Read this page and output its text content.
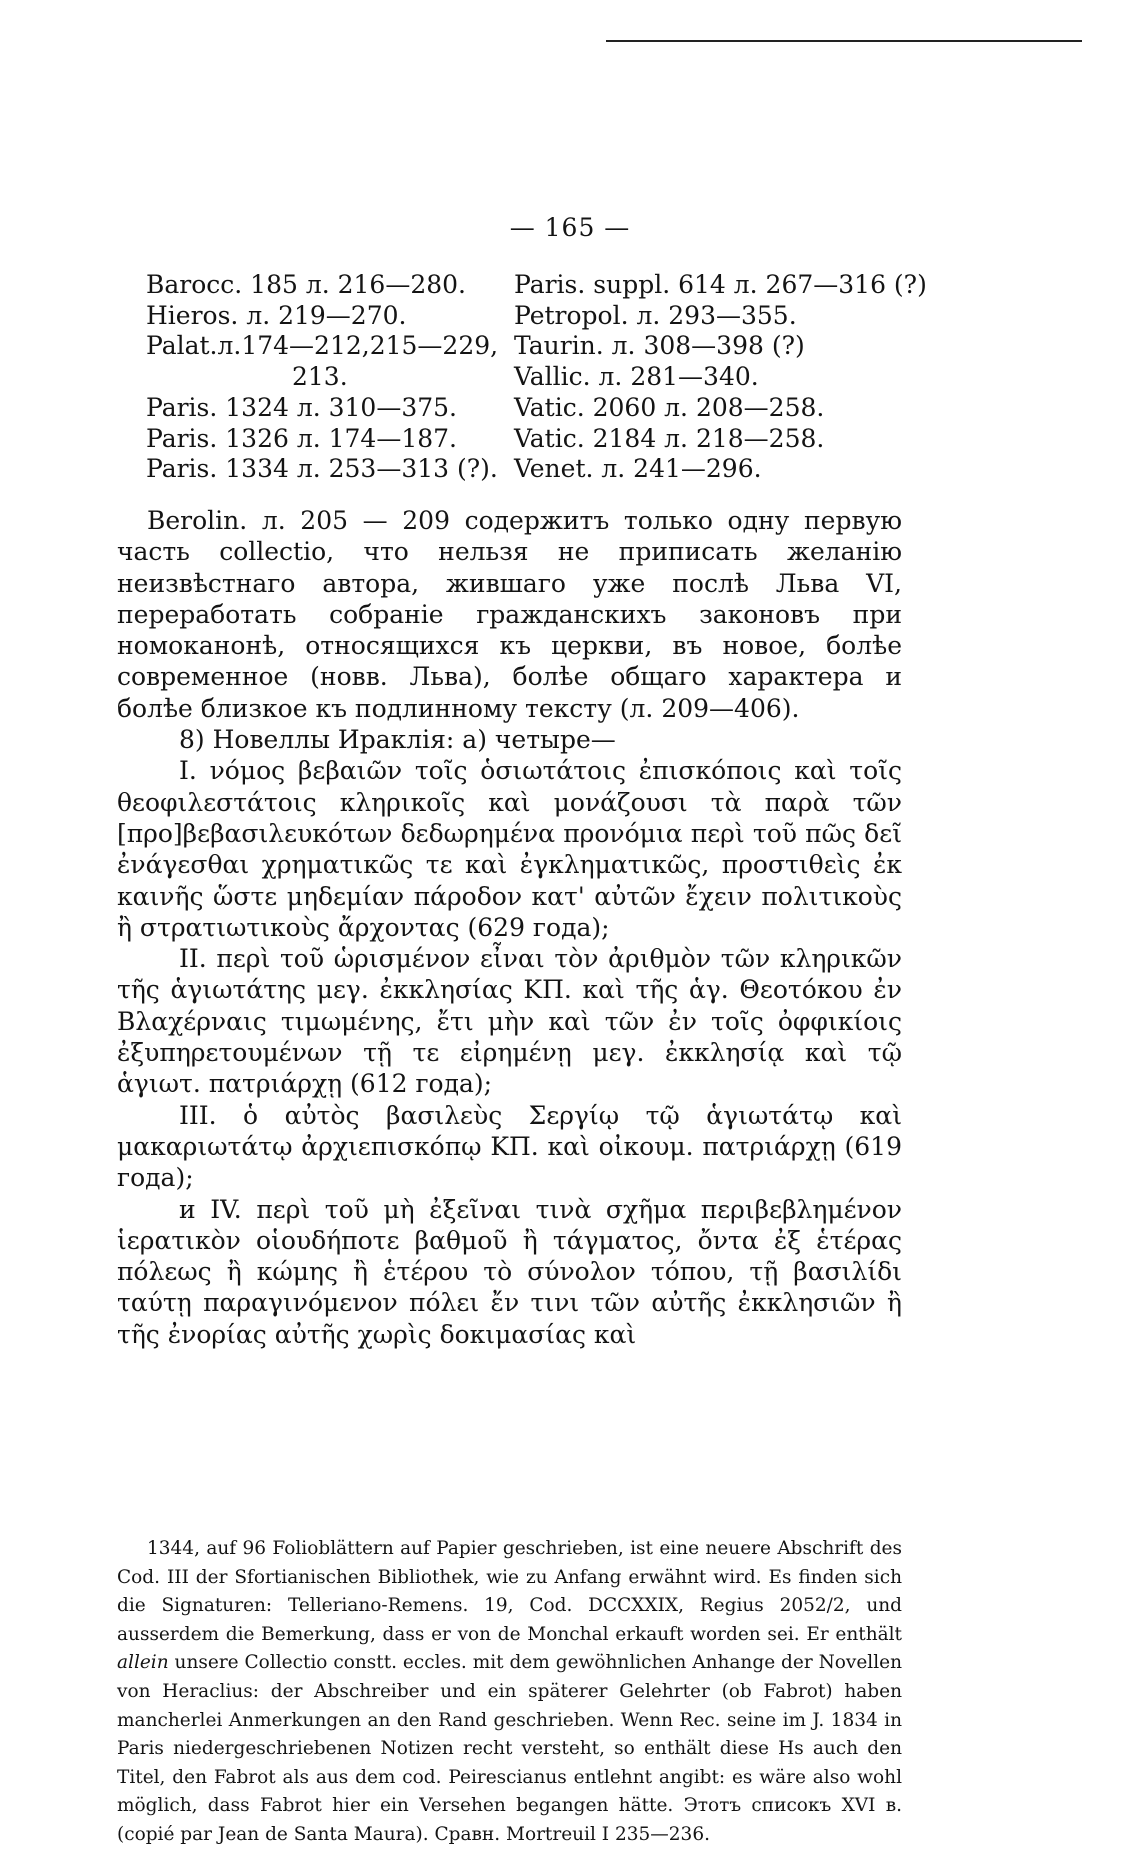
— 165 —
Barocc. 185 л. 216—280.
Hieros. л. 219—270.
Palat.л.174—212,215—229,
213.
Paris. 1324 л. 310—375.
Paris. 1326 л. 174—187.
Paris. 1334 л. 253—313 (?).
Paris. suppl. 614 л. 267—316 (?)
Petropol. л. 293—355.
Taurin. л. 308—398 (?)
Vallic. л. 281—340.
Vatic. 2060 л. 208—258.
Vatic. 2184 л. 218—258.
Venet. л. 241—296.

Berolin. л. 205 — 209 содержитъ только одну первую часть collectio, что нельзя не приписать желанію неизвѣстнаго автора, жившаго уже послѣ Льва VI, переработать собраніе гражданскихъ законовъ при номоканонѣ, относящихся къ церкви, въ новое, болѣе современное (новв. Льва), болѣе общаго характера и болѣе близкое къ подлинному тексту (л. 209—406).

8) Новеллы Ираклія: а) четыре—

I. νόμος βεβαιῶν τοῖς ὁσιωτάτοις ἐπισκόποις καὶ τοῖς θεοφιλεστάτοις κληρικοῖς καὶ μονάζουσι τὰ παρὰ τῶν [προ]βεβασιλευκότων δεδωρημένα προνόμια περὶ τοῦ πῶς δεῖ ἐνάγεσθαι χρηματικῶς τε καὶ ἐγκληματικῶς, προστιθεὶς ἐκ καινῆς ὥστε μηδεμίαν πάροδον κατ' αὐτῶν ἔχειν πολιτικοὺς ἢ στρατιωτικοὺς ἄρχοντας (629 года);

II. περὶ τοῦ ὡρισμένον εἶναι τὸν ἀριθμὸν τῶν κληρικῶν τῆς ἁγιωτάτης μεγ. ἐκκλησίας ΚΠ. καὶ τῆς ἁγ. Θεοτόκου ἐν Βλαχέρναις τιμωμένης, ἔτι μὴν καὶ τῶν ἐν τοῖς ὀφφικίοις ἐξυπηρετουμένων τῇ τε εἰρημένῃ μεγ. ἐκκλησίᾳ καὶ τῷ ἁγιωτ. πατριάρχῃ (612 года);

III. ὁ αὐτὸς βασιλεὺς Σεργίῳ τῷ ἁγιωτάτῳ καὶ μακαριωτάτῳ ἀρχιεπισκόπῳ ΚΠ. καὶ οἰκουμ. πατριάρχῃ (619 года);

и IV. περὶ τοῦ μὴ ἐξεῖναι τινὰ σχῆμα περιβεβλημένον ἱερατικὸν οἱουδήποτε βαθμοῦ ἢ τάγματος, ὄντα ἐξ ἑτέρας πόλεως ἢ κώμης ἢ ἑτέρου τὸ σύνολον τόπου, τῇ βασιλίδι ταύτῃ παραγινόμενον πόλει ἔν τινι τῶν αὐτῆς ἐκκλησιῶν ἢ τῆς ἐνορίας αὐτῆς χωρὶς δοκιμασίας καὶ

1344, auf 96 Folioblättern auf Papier geschrieben, ist eine neuere Abschrift des Cod. III der Sfortianischen Bibliothek, wie zu Anfang erwähnt wird. Es finden sich die Signaturen: Telleriano-Remens. 19, Cod. DCCXXIX, Regius 2052/2, und ausserdem die Bemerkung, dass er von de Monchal erkauft worden sei. Er enthält allein unsere Collectio constt. eccles. mit dem gewöhnlichen Anhange der Novellen von Heraclius: der Abschreiber und ein späterer Gelehrter (ob Fabrot) haben mancherlei Anmerkungen an den Rand geschrieben. Wenn Rec. seine im J. 1834 in Paris niedergeschriebenen Notizen recht versteht, so enthält diese Hs auch den Titel, den Fabrot als aus dem cod. Peirescianus entlehnt angibt: es wäre also wohl möglich, dass Fabrot hier ein Versehen begangen hätte. Этотъ списокъ XVI в. (copié par Jean de Santa Maura). Сравн. Mortreuil I 235—236.
